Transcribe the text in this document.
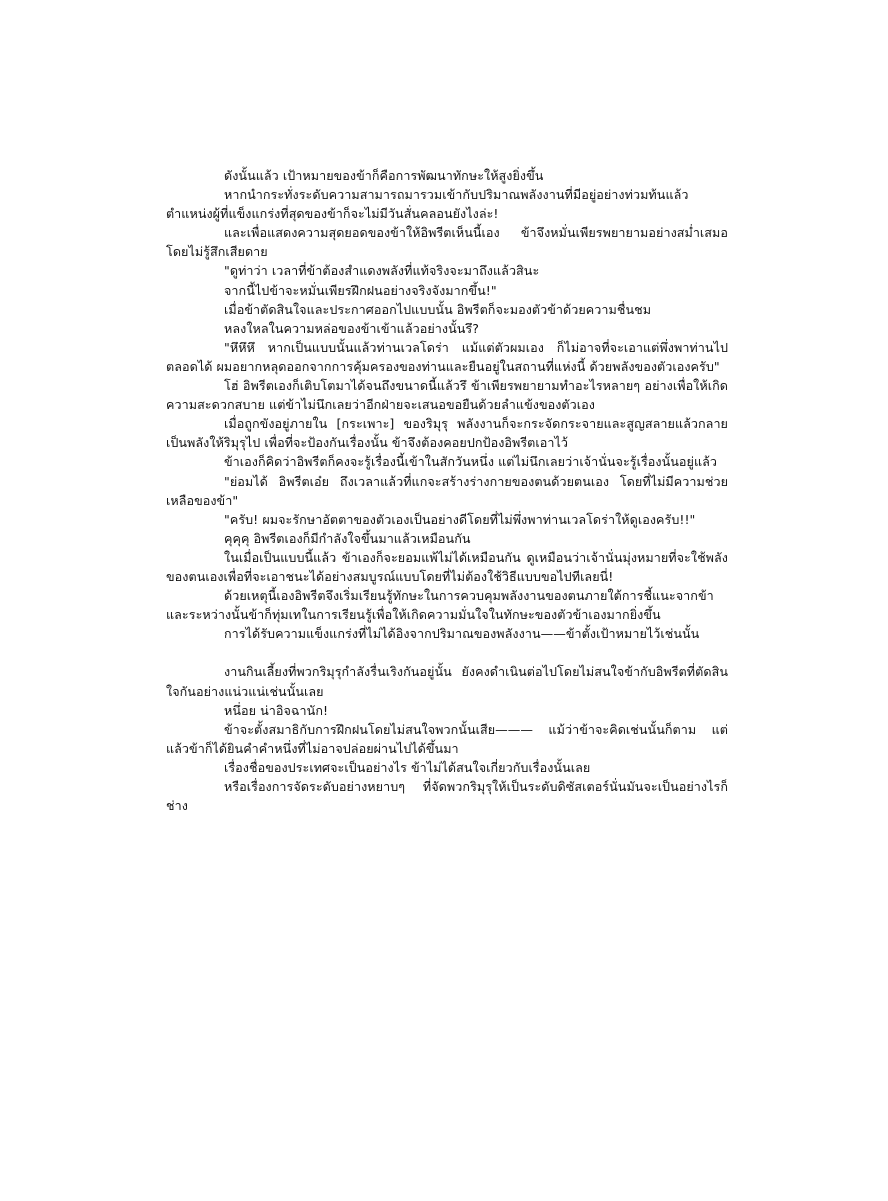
ดังนั้นแล้ว เป้าหมายของข้าก็คือการพัฒนาทักษะให้สูงยิ่งขึ้น

หากนำกระทั่งระดับความสามารถมารวมเข้ากับปริมาณพลังงานที่มีอยู่อย่างท่วมท้นแล้ว ตำแหน่งผู้ที่แข็งแกร่งที่สุดของข้าก็จะไม่มีวันสั่นคลอนยังไงล่ะ!

และเพื่อแสดงความสุดยอดของข้าให้อิพรีตเห็นนี้เอง ข้าจึงหมั่นเพียรพยายามอย่างสม่ำเสมอโดยไม่รู้สึกเสียดาย

"ดูท่าว่า เวลาที่ข้าต้องสำแดงพลังที่แท้จริงจะมาถึงแล้วสินะ

จากนี้ไปข้าจะหมั่นเพียรฝึกฝนอย่างจริงจังมากขึ้น!"

เมื่อข้าตัดสินใจและประกาศออกไปแบบนั้น อิพรีตก็จะมองตัวข้าด้วยความชื่นชม

หลงใหลในความหล่อของข้าเข้าแล้วอย่างนั้นรึ?

"หึหึหึ หากเป็นแบบนั้นแล้วท่านเวลโดร่า แม้แต่ตัวผมเอง ก็ไม่อาจที่จะเอาแต่พึ่งพาท่านไปตลอดได้ ผมอยากหลุดออกจากการคุ้มครองของท่านและยืนอยู่ในสถานที่แห่งนี้ ด้วยพลังของตัวเองครับ"

โฮ่ อิพรีตเองก็เติบโตมาได้จนถึงขนาดนี้แล้วรึ ข้าเพียรพยายามทำอะไรหลายๆ อย่างเพื่อให้เกิดความสะดวกสบาย แต่ข้าไม่นึกเลยว่าอีกฝ่ายจะเสนอขอยืนด้วยลำแข้งของตัวเอง

เมื่อถูกขังอยู่ภายใน [กระเพาะ] ของริมุรุ พลังงานก็จะกระจัดกระจายและสูญสลายแล้วกลายเป็นพลังให้ริมุรุไป เพื่อที่จะป้องกันเรื่องนั้น ข้าจึงต้องคอยปกป้องอิพรีตเอาไว้

ข้าเองก็คิดว่าอิพรีตก็คงจะรู้เรื่องนี้เข้าในสักวันหนึ่ง แต่ไม่นึกเลยว่าเจ้านั่นจะรู้เรื่องนั้นอยู่แล้ว

"ย่อมได้ อิพรีตเอ๋ย ถึงเวลาแล้วที่แกจะสร้างร่างกายของตนด้วยตนเอง โดยที่ไม่มีความช่วยเหลือของข้า"

"ครับ! ผมจะรักษาอัตตาของตัวเองเป็นอย่างดีโดยที่ไม่พึ่งพาท่านเวลโดร่าให้ดูเองครับ!!"

คุคุคุ อิพรีตเองก็มีกำลังใจขึ้นมาแล้วเหมือนกัน

ในเมื่อเป็นแบบนี้แล้ว ข้าเองก็จะยอมแพ้ไม่ได้เหมือนกัน ดูเหมือนว่าเจ้านั่นมุ่งหมายที่จะใช้พลังของตนเองเพื่อที่จะเอาชนะได้อย่างสมบูรณ์แบบโดยที่ไม่ต้องใช้วิธีแบบขอไปทีเลยนี่!

ด้วยเหตุนี้เองอิพรีตจึงเริ่มเรียนรู้ทักษะในการควบคุมพลังงานของตนภายใต้การชี้แนะจากข้า และระหว่างนั้นข้าก็ทุ่มเทในการเรียนรู้เพื่อให้เกิดความมั่นใจในทักษะของตัวข้าเองมากยิ่งขึ้น

การได้รับความแข็งแกร่งที่ไม่ได้อิงจากปริมาณของพลังงาน——ข้าตั้งเป้าหมายไว้เช่นนั้น

งานกินเลี้ยงที่พวกริมุรุกำลังรื่นเริงกันอยู่นั้น ยังคงดำเนินต่อไปโดยไม่สนใจข้ากับอิพรีตที่ตัดสินใจกันอย่างแน่วแน่เช่นนั้นเลย

หนึ่อย น่าอิจฉานัก!

ข้าจะตั้งสมาธิกับการฝึกฝนโดยไม่สนใจพวกนั้นเสีย——— แม้ว่าข้าจะคิดเช่นนั้นก็ตาม แต่แล้วข้าก็ได้ยินคำคำหนึ่งที่ไม่อาจปล่อยผ่านไปได้ขึ้นมา

เรื่องชื่อของประเทศจะเป็นอย่างไร ข้าไม่ได้สนใจเกี่ยวกับเรื่องนั้นเลย

หรือเรื่องการจัดระดับอย่างหยาบๆ ที่จัดพวกริมุรุให้เป็นระดับดิซัสเตอร์นั่นมันจะเป็นอย่างไรก็ช่าง
